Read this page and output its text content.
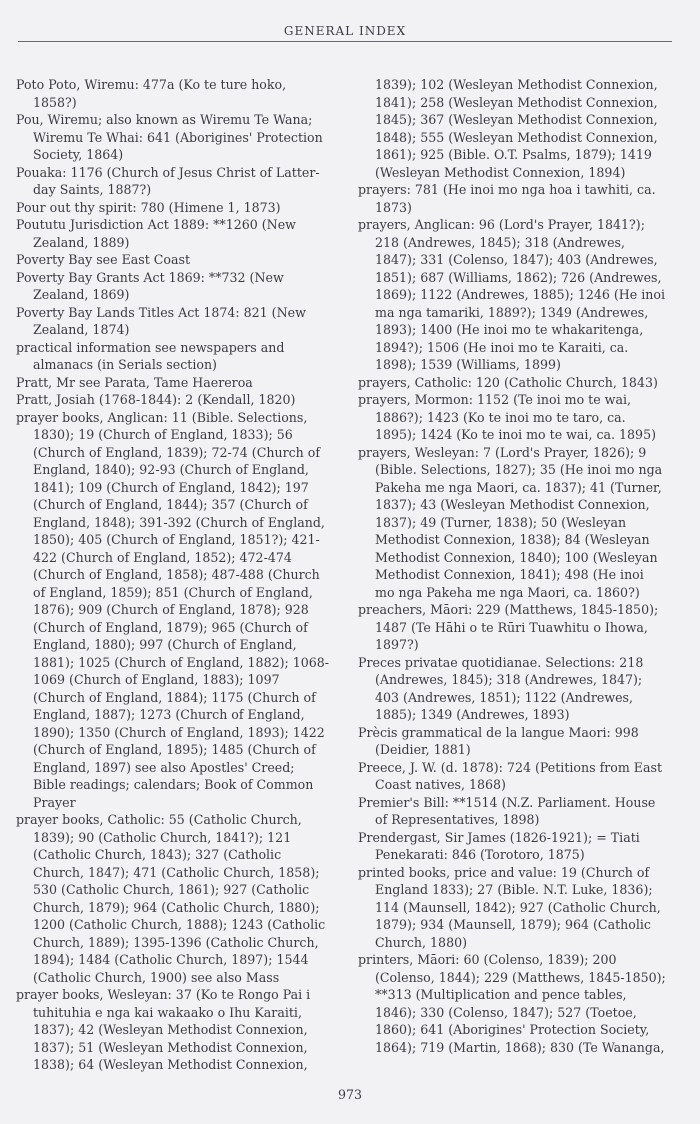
GENERAL INDEX
Poto Poto, Wiremu: 477a (Ko te ture hoko, 1858?)
Pou, Wiremu; also known as Wiremu Te Wana; Wiremu Te Whai: 641 (Aborigines' Protection Society, 1864)
Pouaka: 1176 (Church of Jesus Christ of Latter-day Saints, 1887?)
Pour out thy spirit: 780 (Himene 1, 1873)
Poututu Jurisdiction Act 1889: **1260 (New Zealand, 1889)
Poverty Bay see East Coast
Poverty Bay Grants Act 1869: **732 (New Zealand, 1869)
Poverty Bay Lands Titles Act 1874: 821 (New Zealand, 1874)
practical information see newspapers and almanacs (in Serials section)
Pratt, Mr see Parata, Tame Haereroa
Pratt, Josiah (1768-1844): 2 (Kendall, 1820)
prayer books, Anglican: 11 (Bible. Selections, 1830); 19 (Church of England, 1833); 56 (Church of England, 1839); 72-74 (Church of England, 1840); 92-93 (Church of England, 1841); 109 (Church of England, 1842); 197 (Church of England, 1844); 357 (Church of England, 1848); 391-392 (Church of England, 1850); 405 (Church of England, 1851?); 421-422 (Church of England, 1852); 472-474 (Church of England, 1858); 487-488 (Church of England, 1859); 851 (Church of England, 1876); 909 (Church of England, 1878); 928 (Church of England, 1879); 965 (Church of England, 1880); 997 (Church of England, 1881); 1025 (Church of England, 1882); 1068-1069 (Church of England, 1883); 1097 (Church of England, 1884); 1175 (Church of England, 1887); 1273 (Church of England, 1890); 1350 (Church of England, 1893); 1422 (Church of England, 1895); 1485 (Church of England, 1897) see also Apostles' Creed; Bible readings; calendars; Book of Common Prayer
prayer books, Catholic: 55 (Catholic Church, 1839); 90 (Catholic Church, 1841?); 121 (Catholic Church, 1843); 327 (Catholic Church, 1847); 471 (Catholic Church, 1858); 530 (Catholic Church, 1861); 927 (Catholic Church, 1879); 964 (Catholic Church, 1880); 1200 (Catholic Church, 1888); 1243 (Catholic Church, 1889); 1395-1396 (Catholic Church, 1894); 1484 (Catholic Church, 1897); 1544 (Catholic Church, 1900) see also Mass
prayer books, Wesleyan: 37 (Ko te Rongo Pai i tuhituhia e nga kai wakaako o Ihu Karaiti, 1837); 42 (Wesleyan Methodist Connexion, 1837); 51 (Wesleyan Methodist Connexion, 1838); 64 (Wesleyan Methodist Connexion,
1839); 102 (Wesleyan Methodist Connexion, 1841); 258 (Wesleyan Methodist Connexion, 1845); 367 (Wesleyan Methodist Connexion, 1848); 555 (Wesleyan Methodist Connexion, 1861); 925 (Bible. O.T. Psalms, 1879); 1419 (Wesleyan Methodist Connexion, 1894)
prayers: 781 (He inoi mo nga hoa i tawhiti, ca. 1873)
prayers, Anglican: 96 (Lord's Prayer, 1841?); 218 (Andrewes, 1845); 318 (Andrewes, 1847); 331 (Colenso, 1847); 403 (Andrewes, 1851); 687 (Williams, 1862); 726 (Andrewes, 1869); 1122 (Andrewes, 1885); 1246 (He inoi ma nga tamariki, 1889?); 1349 (Andrewes, 1893); 1400 (He inoi mo te whakaritenga, 1894?); 1506 (He inoi mo te Karaiti, ca. 1898); 1539 (Williams, 1899)
prayers, Catholic: 120 (Catholic Church, 1843)
prayers, Mormon: 1152 (Te inoi mo te wai, 1886?); 1423 (Ko te inoi mo te taro, ca. 1895); 1424 (Ko te inoi mo te wai, ca. 1895)
prayers, Wesleyan: 7 (Lord's Prayer, 1826); 9 (Bible. Selections, 1827); 35 (He inoi mo nga Pakeha me nga Maori, ca. 1837); 41 (Turner, 1837); 43 (Wesleyan Methodist Connexion, 1837); 49 (Turner, 1838); 50 (Wesleyan Methodist Connexion, 1838); 84 (Wesleyan Methodist Connexion, 1840); 100 (Wesleyan Methodist Connexion, 1841); 498 (He inoi mo nga Pakeha me nga Maori, ca. 1860?)
preachers, Māori: 229 (Matthews, 1845-1850); 1487 (Te Hāhi o te Rūri Tuawhitu o Ihowa, 1897?)
Preces privatae quotidianae. Selections: 218 (Andrewes, 1845); 318 (Andrewes, 1847); 403 (Andrewes, 1851); 1122 (Andrewes, 1885); 1349 (Andrewes, 1893)
Prècis grammatical de la langue Maori: 998 (Deidier, 1881)
Preece, J. W. (d. 1878): 724 (Petitions from East Coast natives, 1868)
Premier's Bill: **1514 (N.Z. Parliament. House of Representatives, 1898)
Prendergast, Sir James (1826-1921); = Tiati Penekarati: 846 (Torotoro, 1875)
printed books, price and value: 19 (Church of England 1833); 27 (Bible. N.T. Luke, 1836); 114 (Maunsell, 1842); 927 (Catholic Church, 1879); 934 (Maunsell, 1879); 964 (Catholic Church, 1880)
printers, Māori: 60 (Colenso, 1839); 200 (Colenso, 1844); 229 (Matthews, 1845-1850); **313 (Multiplication and pence tables, 1846); 330 (Colenso, 1847); 527 (Toetoe, 1860); 641 (Aborigines' Protection Society, 1864); 719 (Martin, 1868); 830 (Te Wananga,
973
